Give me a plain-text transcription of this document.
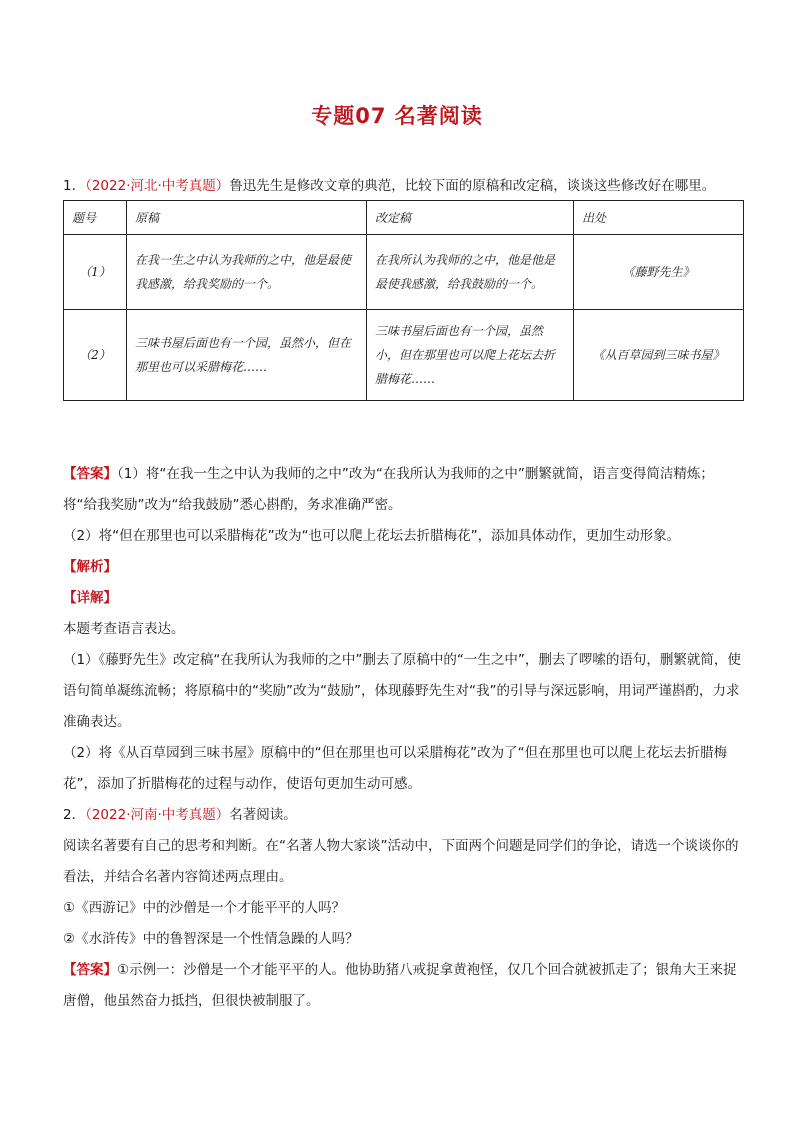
专题07 名著阅读
1．（2022·河北·中考真题）鲁迅先生是修改文章的典范，比较下面的原稿和改定稿，谈谈这些修改好在哪里。
题号	原稿	改定稿	出处
（1）	在我一生之中认为我师的之中，他是最使我感激，给我奖励的一个。	在我所认为我师的之中，他是他是最使我感激，给我鼓励的一个。	《藤野先生》
（2）	三味书屋后面也有一个园，虽然小，但在那里也可以采腊梅花……	三味书屋后面也有一个园，虽然小，但在那里也可以爬上花坛去折腊梅花……	《从百草园到三味书屋》
【答案】（1）将“在我一生之中认为我师的之中”改为“在我所认为我师的之中”删繁就简，语言变得简洁精炼；将“给我奖励”改为“给我鼓励”悉心斟酌，务求准确严密。
（2）将“但在那里也可以采腊梅花”改为“也可以爬上花坛去折腊梅花”，添加具体动作，更加生动形象。
【解析】
【详解】
本题考查语言表达。
（1）《藤野先生》改定稿“在我所认为我师的之中”删去了原稿中的“一生之中”，删去了啰嗦的语句，删繁就简，使语句简单凝练流畅；将原稿中的“奖励”改为“鼓励”，体现藤野先生对“我”的引导与深远影响，用词严谨斟酌，力求准确表达。
（2）将《从百草园到三味书屋》原稿中的“但在那里也可以采腊梅花”改为了“但在那里也可以爬上花坛去折腊梅花”，添加了折腊梅花的过程与动作，使语句更加生动可感。
2．（2022·河南·中考真题）名著阅读。
阅读名著要有自己的思考和判断。在“名著人物大家谈”活动中，下面两个问题是同学们的争论，请选一个谈谈你的看法，并结合名著内容简述两点理由。
①《西游记》中的沙僧是一个才能平平的人吗？
②《水浒传》中的鲁智深是一个性情急躁的人吗？
【答案】①示例一：沙僧是一个才能平平的人。他协助猪八戒捉拿黄袍怪，仅几个回合就被抓走了；银角大王来捉唐僧，他虽然奋力抵挡，但很快被制服了。
